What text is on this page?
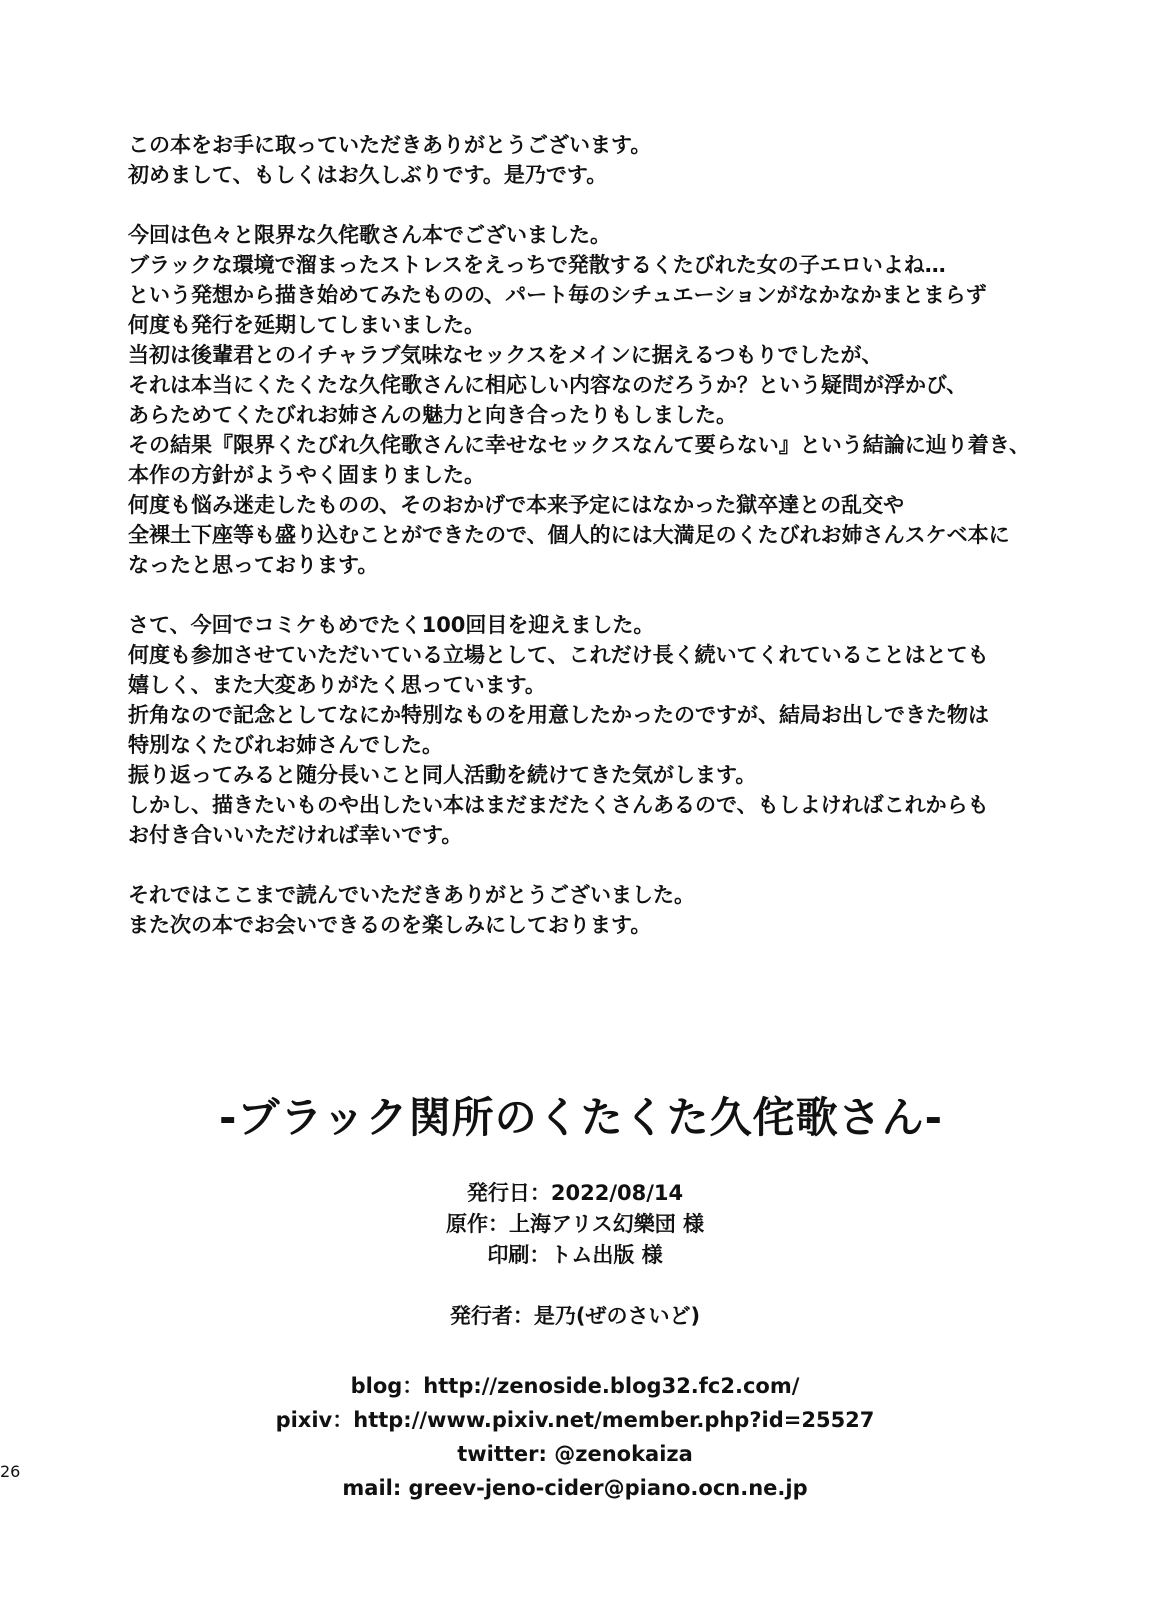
この本をお手に取っていただきありがとうございます。
初めまして、もしくはお久しぶりです。是乃です。
今回は色々と限界な久侘歌さん本でございました。
ブラックな環境で溜まったストレスをえっちで発散するくたびれた女の子エロいよね…
という発想から描き始めてみたものの、パート毎のシチュエーションがなかなかまとまらず
何度も発行を延期してしまいました。
当初は後輩君とのイチャラブ気味なセックスをメインに据えるつもりでしたが、
それは本当にくたくたな久侘歌さんに相応しい内容なのだろうか？という疑問が浮かび、
あらためてくたびれお姉さんの魅力と向き合ったりもしました。
その結果『限界くたびれ久侘歌さんに幸せなセックスなんて要らない』という結論に辿り着き、
本作の方針がようやく固まりました。
何度も悩み迷走したものの、そのおかげで本来予定にはなかった獄卒達との乱交や
全裸土下座等も盛り込むことができたので、個人的には大満足のくたびれお姉さんスケベ本に
なったと思っております。
さて、今回でコミケもめでたく100回目を迎えました。
何度も参加させていただいている立場として、これだけ長く続いてくれていることはとても
嬉しく、また大変ありがたく思っています。
折角なので記念としてなにか特別なものを用意したかったのですが、結局お出しできた物は
特別なくたびれお姉さんでした。
振り返ってみると随分長いこと同人活動を続けてきた気がします。
しかし、描きたいものや出したい本はまだまだたくさんあるので、もしよければこれからも
お付き合いいただければ幸いです。
それではここまで読んでいただきありがとうございました。
また次の本でお会いできるのを楽しみにしております。
-ブラック関所のくたくた久侘歌さん-
発行日：2022/08/14
原作：上海アリス幻樂団 様
印刷：トム出版 様
発行者：是乃(ぜのさいど)
blog：http://zenoside.blog32.fc2.com/
pixiv：http://www.pixiv.net/member.php?id=25527
twitter: @zenokaiza
mail: greev-jeno-cider@piano.ocn.ne.jp
26
